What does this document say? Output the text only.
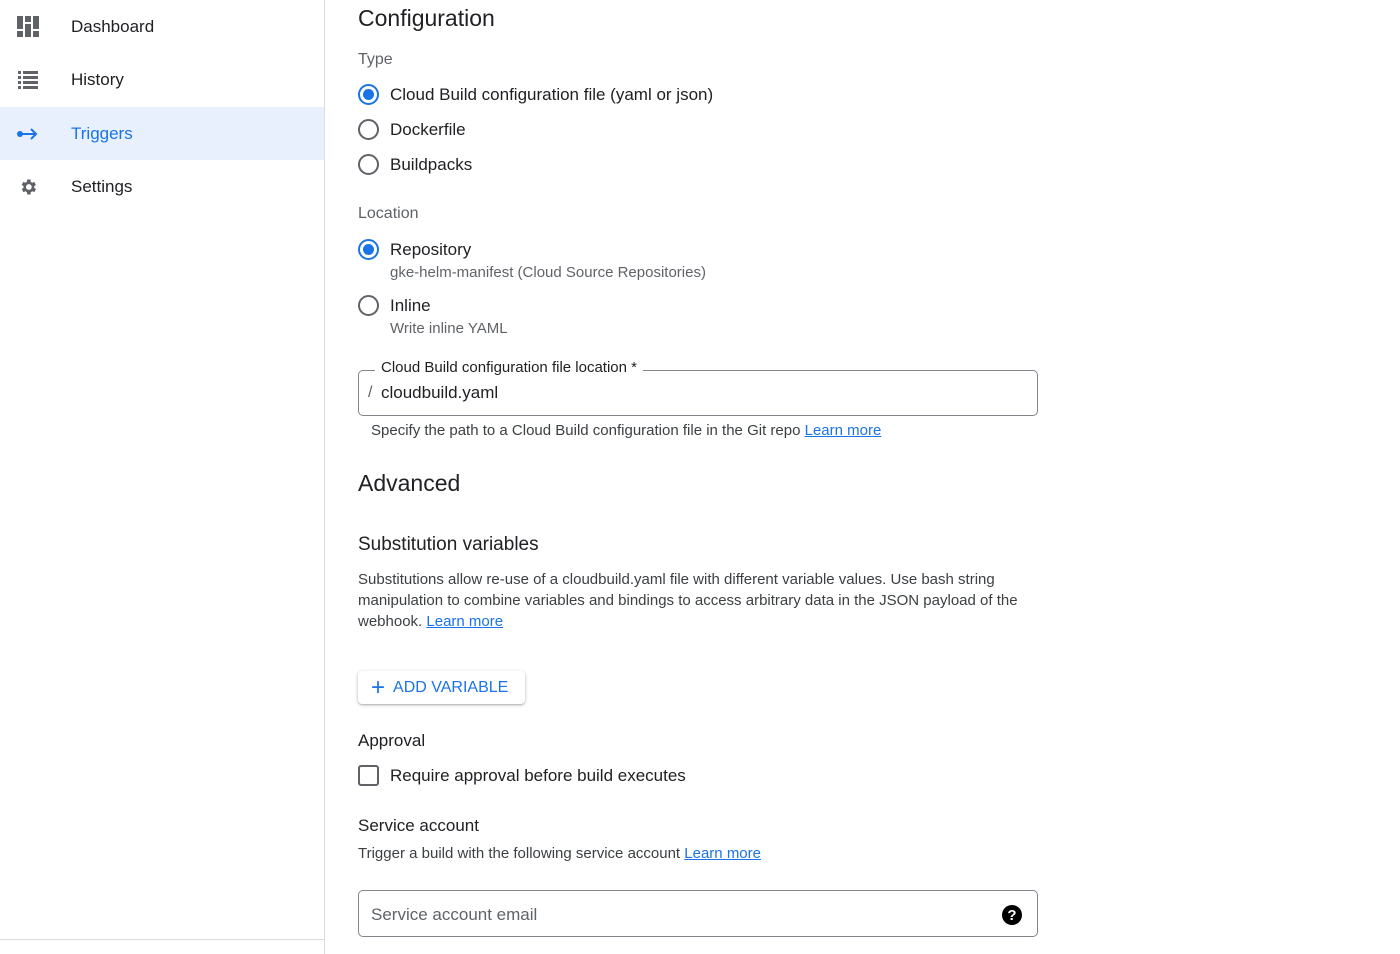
Dashboard
History
Triggers
Settings
Configuration
Type
Cloud Build configuration file (yaml or json)
Dockerfile
Buildpacks
Location
Repository
gke-helm-manifest (Cloud Source Repositories)
Inline
Write inline YAML
Cloud Build configuration file location *
/ cloudbuild.yaml
Specify the path to a Cloud Build configuration file in the Git repo Learn more
Advanced
Substitution variables
Substitutions allow re-use of a cloudbuild.yaml file with different variable values. Use bash string manipulation to combine variables and bindings to access arbitrary data in the JSON payload of the webhook. Learn more
+ ADD VARIABLE
Approval
Require approval before build executes
Service account
Trigger a build with the following service account Learn more
Service account email	?
